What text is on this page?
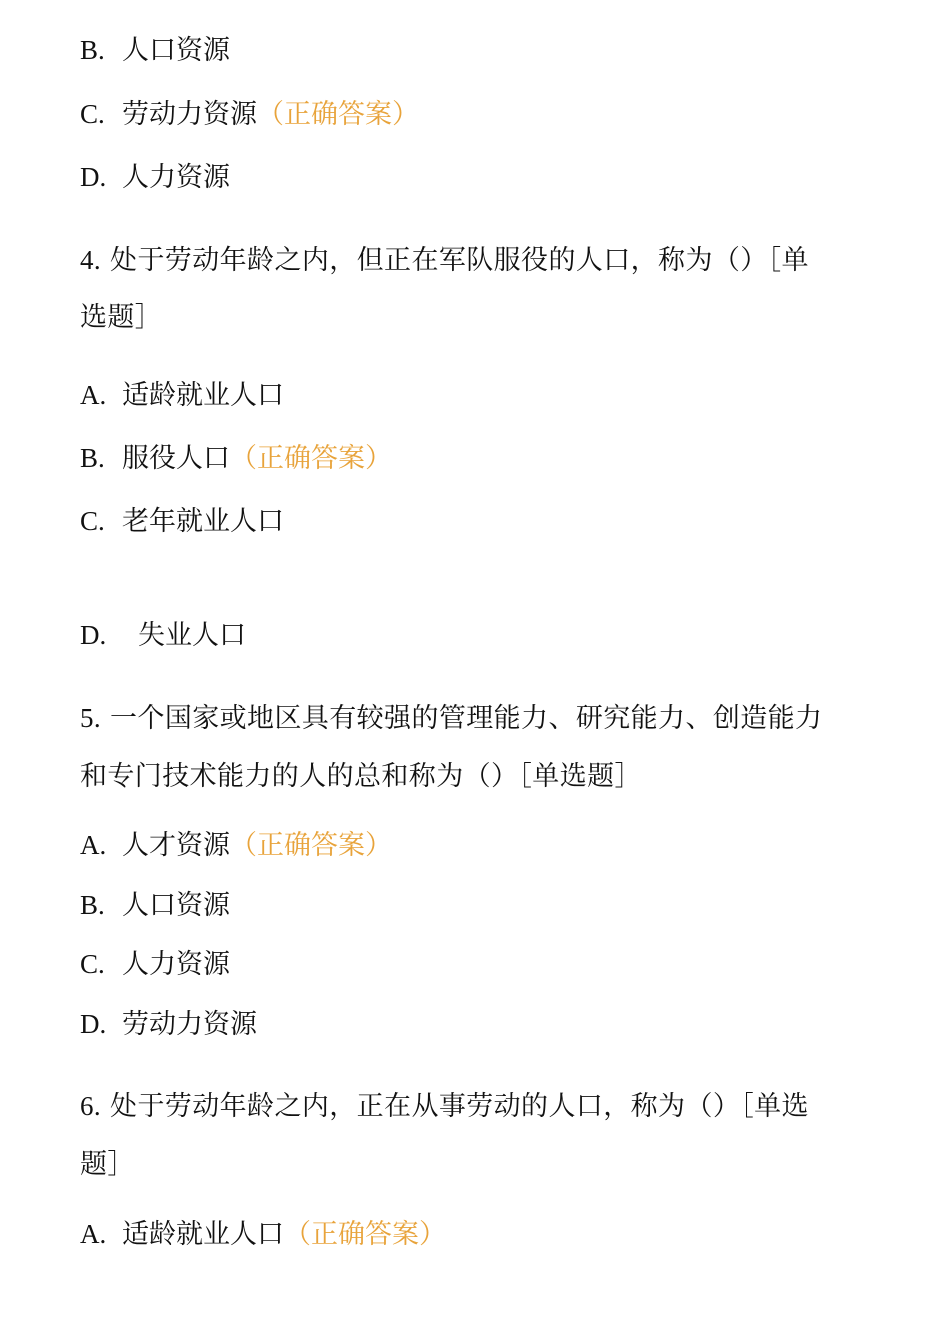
B. 人口资源
C. 劳动力资源（正确答案）
D. 人力资源
4. 处于劳动年龄之内，但正在军队服役的人口，称为（）［单
选题］
A. 适龄就业人口
B. 服役人口（正确答案）
C. 老年就业人口
D. 失业人口
5. 一个国家或地区具有较强的管理能力、研究能力、创造能力
和专门技术能力的人的总和称为（）［单选题］
A. 人才资源（正确答案）
B. 人口资源
C. 人力资源
D. 劳动力资源
6. 处于劳动年龄之内，正在从事劳动的人口，称为（）［单选
题］
A. 适龄就业人口（正确答案）
